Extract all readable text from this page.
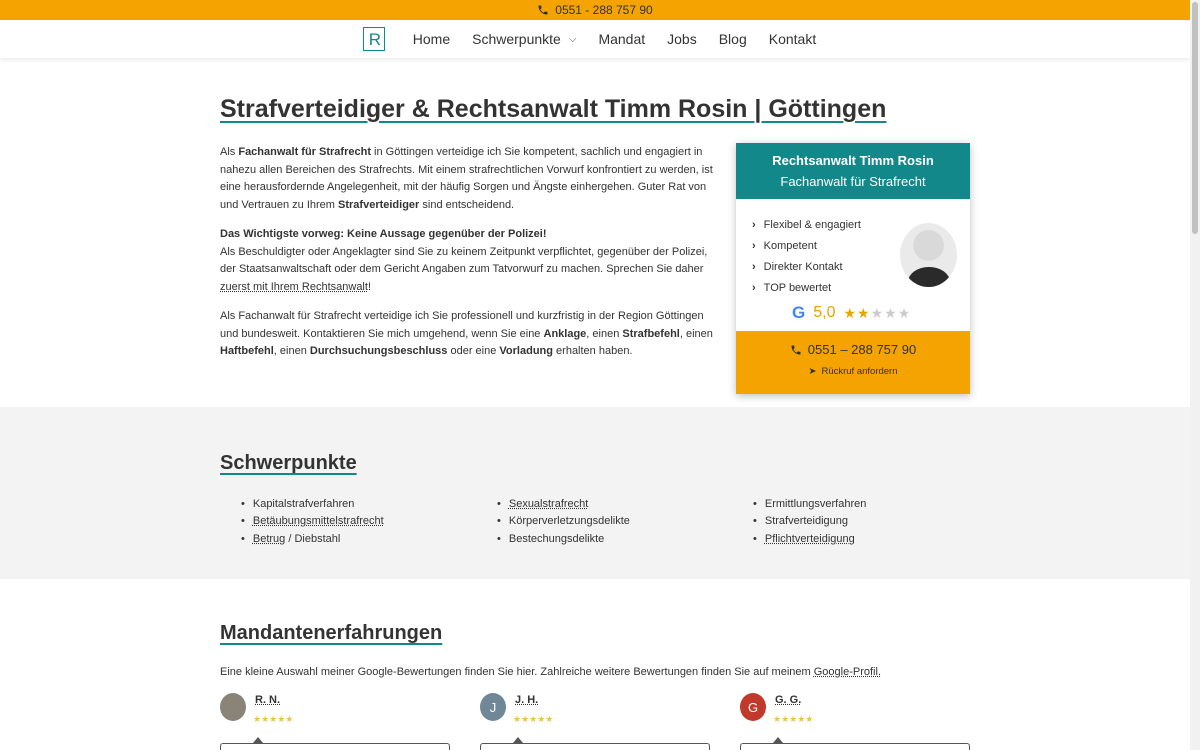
0551 - 288 757 90
R Home Schwerpunkte ⌵ Mandat Jobs Blog Kontakt
Strafverteidiger & Rechtsanwalt Timm Rosin | Göttingen

Als Fachanwalt für Strafrecht in Göttingen verteidige ich Sie kompetent, sachlich und engagiert in nahezu allen Bereichen des Strafrechts. Mit einem strafrechtlichen Vorwurf konfrontiert zu werden, ist eine herausfordernde Angelegenheit, mit der häufig Sorgen und Ängste einhergehen. Guter Rat von und Vertrauen zu Ihrem Strafverteidiger sind entscheidend.

Das Wichtigste vorweg: Keine Aussage gegenüber der Polizei!
Als Beschuldigter oder Angeklagter sind Sie zu keinem Zeitpunkt verpflichtet, gegenüber der Polizei, der Staatsanwaltschaft oder dem Gericht Angaben zum Tatvorwurf zu machen. Sprechen Sie daher zuerst mit Ihrem Rechtsanwalt!

Als Fachanwalt für Strafrecht verteidige ich Sie professionell und kurzfristig in der Region Göttingen und bundesweit. Kontaktieren Sie mich umgehend, wenn Sie eine Anklage, einen Strafbefehl, einen Haftbefehl, einen Durchsuchungsbeschluss oder eine Vorladung erhalten haben.

Rechtsanwalt Timm Rosin
Fachanwalt für Strafrecht
› Flexibel & engagiert
› Kompetent
› Direkter Kontakt
› TOP bewertet
G 5,0 ★★★★★
0551 – 288 757 90
➤ Rückruf anfordern
Schwerpunkte
• Kapitalstrafverfahren
• Betäubungsmittelstrafrecht
• Betrug / Diebstahl
• Sexualstrafrecht
• Körperverletzungsdelikte
• Bestechungsdelikte
• Ermittlungsverfahren
• Strafverteidigung
• Pflichtverteidigung
Mandantenerfahrungen
Eine kleine Auswahl meiner Google-Bewertungen finden Sie hier. Zahlreiche weitere Bewertungen finden Sie auf meinem Google-Profil.
R. N.
★★★★★
J J. H.
★★★★★
G G. G.
★★★★★
